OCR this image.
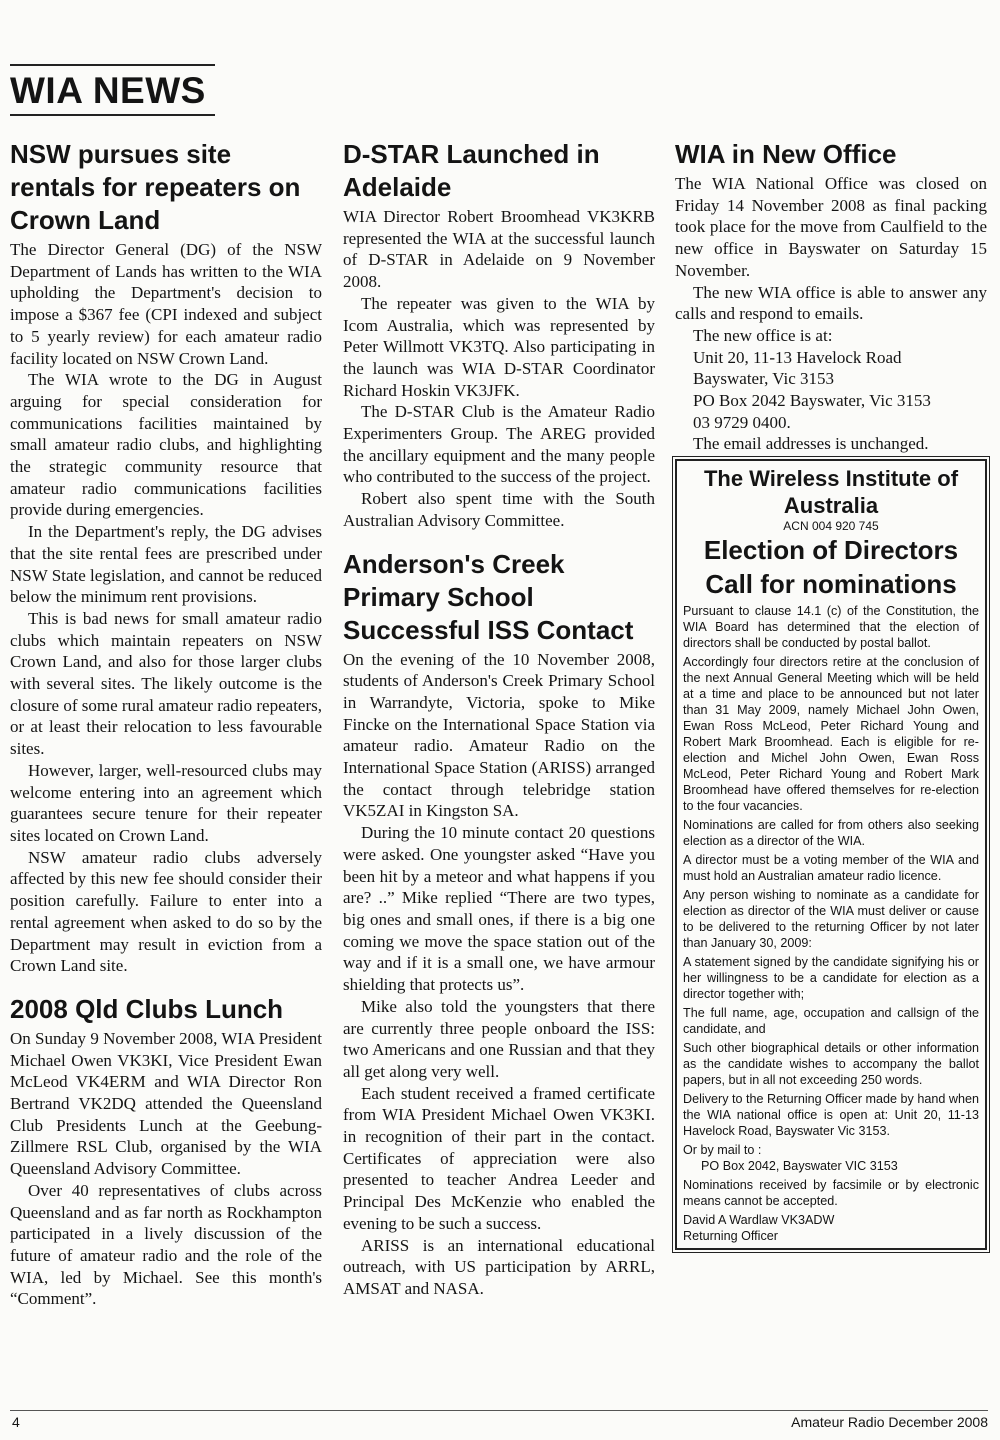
WIA NEWS
NSW pursues site rentals for repeaters on Crown Land

The Director General (DG) of the NSW Department of Lands has written to the WIA upholding the Department's decision to impose a $367 fee (CPI indexed and subject to 5 yearly review) for each amateur radio facility located on NSW Crown Land.

The WIA wrote to the DG in August arguing for special consideration for communications facilities maintained by small amateur radio clubs, and highlighting the strategic community resource that amateur radio communications facilities provide during emergencies.

In the Department's reply, the DG advises that the site rental fees are prescribed under NSW State legislation, and cannot be reduced below the minimum rent provisions.

This is bad news for small amateur radio clubs which maintain repeaters on NSW Crown Land, and also for those larger clubs with several sites. The likely outcome is the closure of some rural amateur radio repeaters, or at least their relocation to less favourable sites.

However, larger, well-resourced clubs may welcome entering into an agreement which guarantees secure tenure for their repeater sites located on Crown Land.

NSW amateur radio clubs adversely affected by this new fee should consider their position carefully. Failure to enter into a rental agreement when asked to do so by the Department may result in eviction from a Crown Land site.

2008 Qld Clubs Lunch

On Sunday 9 November 2008, WIA President Michael Owen VK3KI, Vice President Ewan McLeod VK4ERM and WIA Director Ron Bertrand VK2DQ attended the Queensland Club Presidents Lunch at the Geebung-Zillmere RSL Club, organised by the WIA Queensland Advisory Committee.

Over 40 representatives of clubs across Queensland and as far north as Rockhampton participated in a lively discussion of the future of amateur radio and the role of the WIA, led by Michael. See this month's “Comment”.

D-STAR Launched in Adelaide

WIA Director Robert Broomhead VK3KRB represented the WIA at the successful launch of D-STAR in Adelaide on 9 November 2008.

The repeater was given to the WIA by Icom Australia, which was represented by Peter Willmott VK3TQ. Also participating in the launch was WIA D-STAR Coordinator Richard Hoskin VK3JFK.

The D-STAR Club is the Amateur Radio Experimenters Group. The AREG provided the ancillary equipment and the many people who contributed to the success of the project.

Robert also spent time with the South Australian Advisory Committee.

Anderson's Creek Primary School Successful ISS Contact

On the evening of the 10 November 2008, students of Anderson's Creek Primary School in Warrandyte, Victoria, spoke to Mike Fincke on the International Space Station via amateur radio. Amateur Radio on the International Space Station (ARISS) arranged the contact through telebridge station VK5ZAI in Kingston SA.

During the 10 minute contact 20 questions were asked. One youngster asked “Have you been hit by a meteor and what happens if you are? ..” Mike replied “There are two types, big ones and small ones, if there is a big one coming we move the space station out of the way and if it is a small one, we have armour shielding that protects us”.

Mike also told the youngsters that there are currently three people onboard the ISS: two Americans and one Russian and that they all get along very well.

Each student received a framed certificate from WIA President Michael Owen VK3KI. in recognition of their part in the contact. Certificates of appreciation were also presented to teacher Andrea Leeder and Principal Des McKenzie who enabled the evening to be such a success.

ARISS is an international educational outreach, with US participation by ARRL, AMSAT and NASA.

WIA in New Office

The WIA National Office was closed on Friday 14 November 2008 as final packing took place for the move from Caulfield to the new office in Bayswater on Saturday 15 November.

The new WIA office is able to answer any calls and respond to emails.

The new office is at:
Unit 20, 11-13 Havelock Road
Bayswater, Vic 3153
PO Box 2042 Bayswater, Vic 3153
03 9729 0400.
The email addresses is unchanged.
The Wireless Institute of
Australia
ACN 004 920 745
Election of Directors
Call for nominations

Pursuant to clause 14.1 (c) of the Constitution, the WIA Board has determined that the election of directors shall be conducted by postal ballot.

Accordingly four directors retire at the conclusion of the next Annual General Meeting which will be held at a time and place to be announced but not later than 31 May 2009, namely Michael John Owen, Ewan Ross McLeod, Peter Richard Young and Robert Mark Broomhead. Each is eligible for re-election and Michel John Owen, Ewan Ross McLeod, Peter Richard Young and Robert Mark Broomhead have offered themselves for re-election to the four vacancies.

Nominations are called for from others also seeking election as a director of the WIA.

A director must be a voting member of the WIA and must hold an Australian amateur radio licence.

Any person wishing to nominate as a candidate for election as director of the WIA must deliver or cause to be delivered to the returning Officer by not later than January 30, 2009:

A statement signed by the candidate signifying his or her willingness to be a candidate for election as a director together with;

The full name, age, occupation and callsign of the candidate, and

Such other biographical details or other information as the candidate wishes to accompany the ballot papers, but in all not exceeding 250 words.

Delivery to the Returning Officer made by hand when the WIA national office is open at: Unit 20, 11-13 Havelock Road, Bayswater Vic 3153.

Or by mail to :

PO Box 2042, Bayswater VIC 3153

Nominations received by facsimile or by electronic means cannot be accepted.

David A Wardlaw VK3ADW

Returning Officer

4	Amateur Radio December 2008
